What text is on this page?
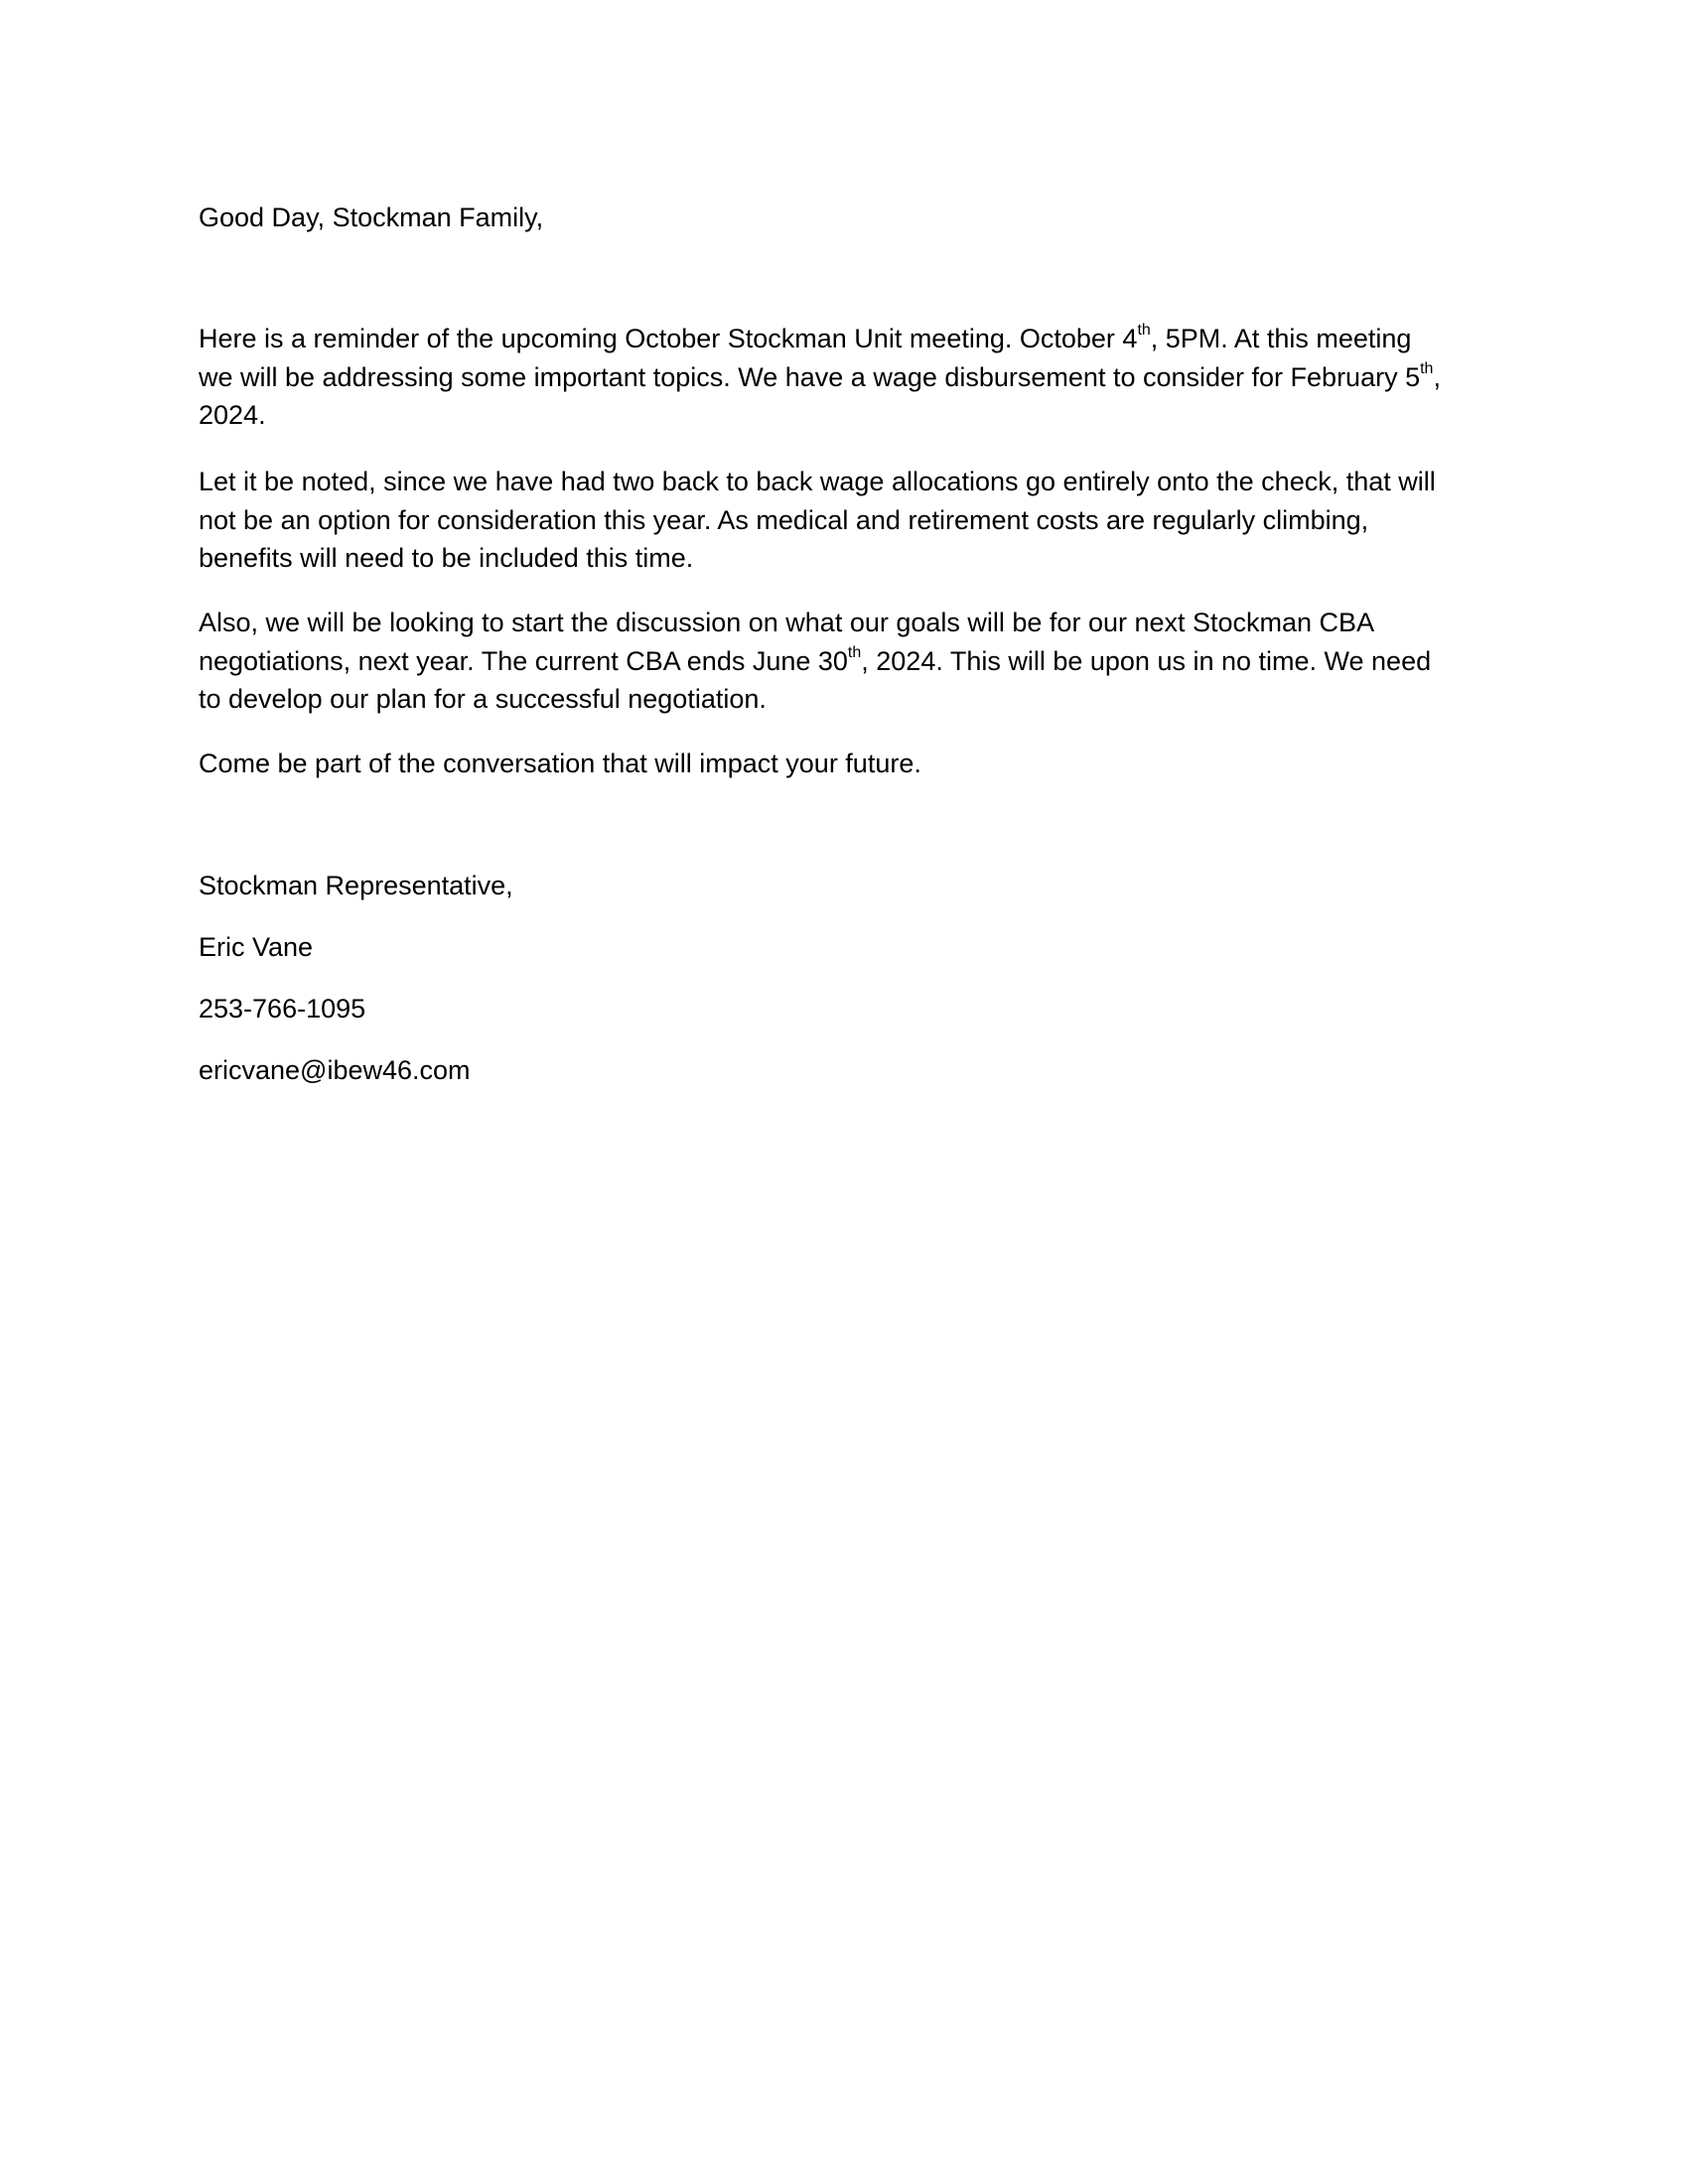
Good Day, Stockman Family,
Here is a reminder of the upcoming October Stockman Unit meeting. October 4th, 5PM. At this meeting
we will be addressing some important topics. We have a wage disbursement to consider for February 5th,
2024.
Let it be noted, since we have had two back to back wage allocations go entirely onto the check, that will
not be an option for consideration this year. As medical and retirement costs are regularly climbing,
benefits will need to be included this time.
Also, we will be looking to start the discussion on what our goals will be for our next Stockman CBA
negotiations, next year. The current CBA ends June 30th, 2024. This will be upon us in no time. We need
to develop our plan for a successful negotiation.
Come be part of the conversation that will impact your future.
Stockman Representative,
Eric Vane
253-766-1095
ericvane@ibew46.com
